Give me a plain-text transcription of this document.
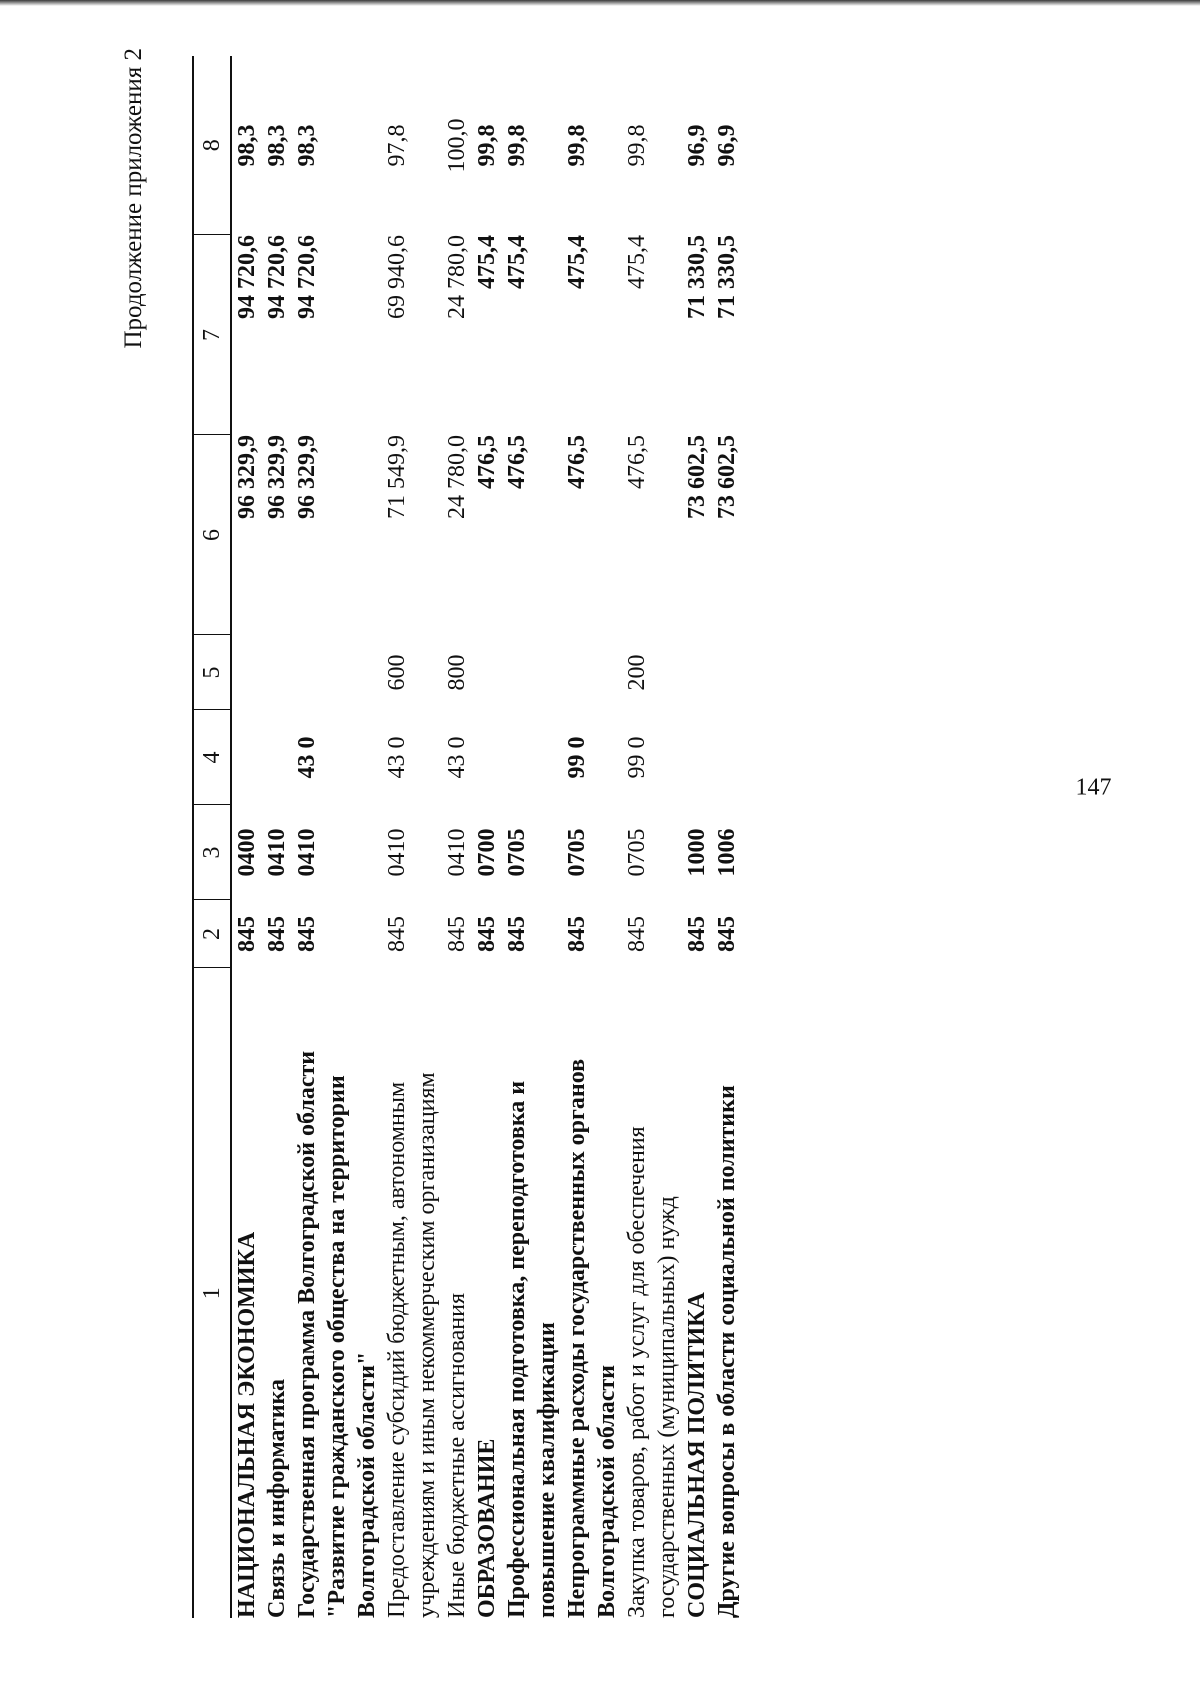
147
Продолжение приложения 2
1	2	3	4	5	6	7	8
НАЦИОНАЛЬНАЯ ЭКОНОМИКА	845	0400			96 329,9	94 720,6	98,3
Связь и информатика	845	0410			96 329,9	94 720,6	98,3
Государственная программа Волгоградской области "Развитие гражданского общества на территории Волгоградской области"	845	0410	43 0		96 329,9	94 720,6	98,3
Предоставление субсидий бюджетным, автономным учреждениям и иным некоммерческим организациям	845	0410	43 0	600	71 549,9	69 940,6	97,8
Иные бюджетные ассигнования	845	0410	43 0	800	24 780,0	24 780,0	100,0
ОБРАЗОВАНИЕ	845	0700			476,5	475,4	99,8
Профессиональная подготовка, переподготовка и повышение квалификации	845	0705			476,5	475,4	99,8
Непрограммные расходы государственных органов Волгоградской области	845	0705	99 0		476,5	475,4	99,8
Закупка товаров, работ и услуг для обеспечения государственных (муниципальных) нужд	845	0705	99 0	200	476,5	475,4	99,8
СОЦИАЛЬНАЯ ПОЛИТИКА	845	1000			73 602,5	71 330,5	96,9
Другие вопросы в области социальной политики	845	1006			73 602,5	71 330,5	96,9
